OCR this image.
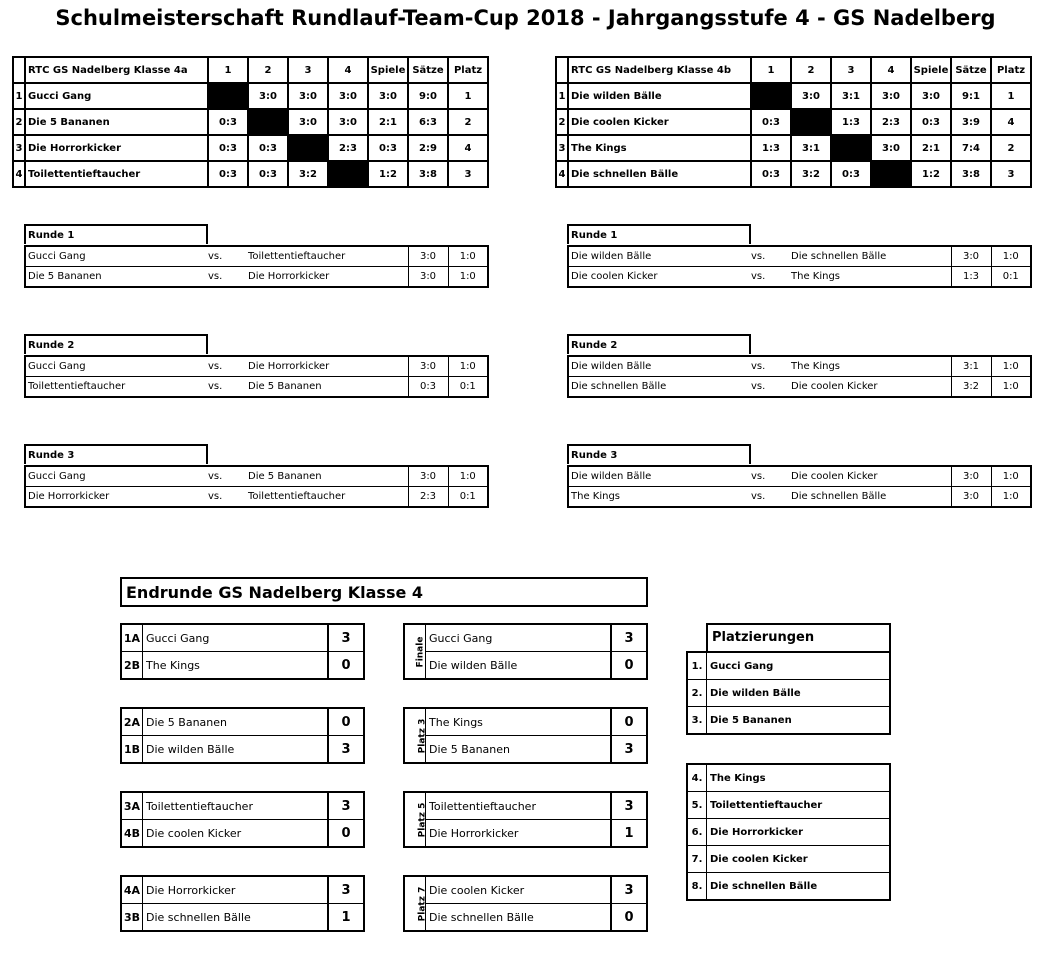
Schulmeisterschaft Rundlauf-Team-Cup 2018 - Jahrgangsstufe 4 - GS Nadelberg
	RTC GS Nadelberg Klasse 4a	1	2	3	4	Spiele	Sätze	Platz
1	Gucci Gang		3:0	3:0	3:0	3:0	9:0	1
2	Die 5 Bananen	0:3		3:0	3:0	2:1	6:3	2
3	Die Horrorkicker	0:3	0:3		2:3	0:3	2:9	4
4	Toilettentieftaucher	0:3	0:3	3:2		1:2	3:8	3
	RTC GS Nadelberg Klasse 4b	1	2	3	4	Spiele	Sätze	Platz
1	Die wilden Bälle		3:0	3:1	3:0	3:0	9:1	1
2	Die coolen Kicker	0:3		1:3	2:3	0:3	3:9	4
3	The Kings	1:3	3:1		3:0	2:1	7:4	2
4	Die schnellen Bälle	0:3	3:2	0:3		1:2	3:8	3
Runde 1
Gucci Gang	vs.	Toilettentieftaucher	3:0	1:0
Die 5 Bananen	vs.	Die Horrorkicker	3:0	1:0
Runde 2
Gucci Gang	vs.	Die Horrorkicker	3:0	1:0
Toilettentieftaucher	vs.	Die 5 Bananen	0:3	0:1
Runde 3
Gucci Gang	vs.	Die 5 Bananen	3:0	1:0
Die Horrorkicker	vs.	Toilettentieftaucher	2:3	0:1
Runde 1
Die wilden Bälle	vs.	Die schnellen Bälle	3:0	1:0
Die coolen Kicker	vs.	The Kings	1:3	0:1
Runde 2
Die wilden Bälle	vs.	The Kings	3:1	1:0
Die schnellen Bälle	vs.	Die coolen Kicker	3:2	1:0
Runde 3
Die wilden Bälle	vs.	Die coolen Kicker	3:0	1:0
The Kings	vs.	Die schnellen Bälle	3:0	1:0
Endrunde GS Nadelberg Klasse 4
1A	Gucci Gang	3
2B	The Kings	0
2A	Die 5 Bananen	0
1B	Die wilden Bälle	3
3A	Toilettentieftaucher	3
4B	Die coolen Kicker	0
4A	Die Horrorkicker	3
3B	Die schnellen Bälle	1
Finale	Gucci Gang	3
	Die wilden Bälle	0
Platz 3	The Kings	0
	Die 5 Bananen	3
Platz 5	Toilettentieftaucher	3
	Die Horrorkicker	1
Platz 7	Die coolen Kicker	3
	Die schnellen Bälle	0
Platzierungen
1.	Gucci Gang
2.	Die wilden Bälle
3.	Die 5 Bananen
4.	The Kings
5.	Toilettentieftaucher
6.	Die Horrorkicker
7.	Die coolen Kicker
8.	Die schnellen Bälle
